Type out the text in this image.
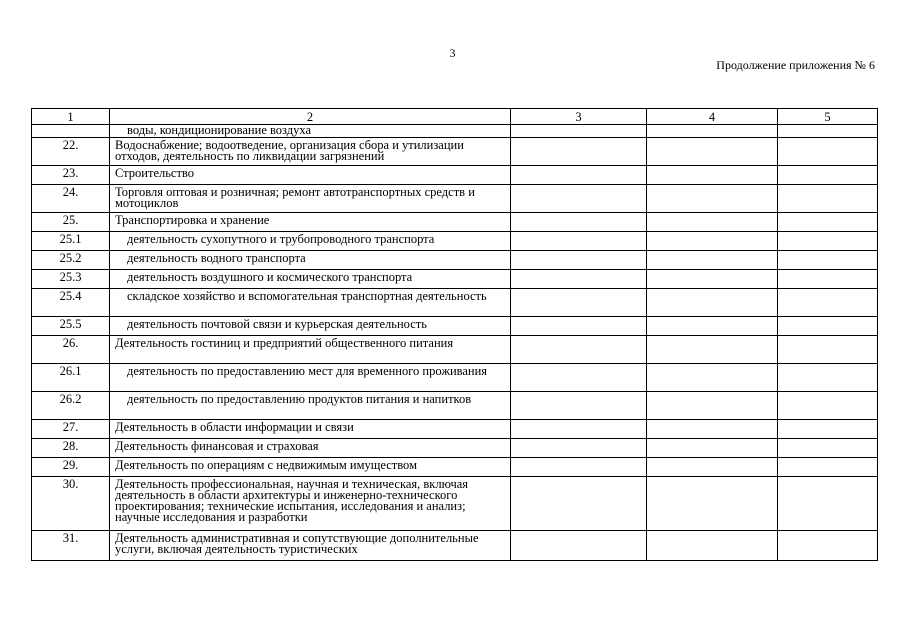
3
Продолжение приложения № 6
1	2	3	4	5
	воды, кондиционирование воздуха			
22.	Водоснабжение; водоотведение, организация сбора и утилизации отходов, деятельность по ликвидации загрязнений			
23.	Строительство			
24.	Торговля оптовая и розничная; ремонт автотранспортных средств и мотоциклов			
25.	Транспортировка и хранение			
25.1	деятельность сухопутного и трубопроводного транспорта			
25.2	деятельность водного транспорта			
25.3	деятельность воздушного и космического транспорта			
25.4	складское хозяйство и вспомогательная транспортная деятельность			
25.5	деятельность почтовой связи и курьерская деятельность			
26.	Деятельность гостиниц и предприятий общественного питания			
26.1	деятельность по предоставлению мест для временного проживания			
26.2	деятельность по предоставлению продуктов питания и напитков			
27.	Деятельность в области информации и связи			
28.	Деятельность финансовая и страховая			
29.	Деятельность по операциям с недвижимым имуществом			
30.	Деятельность профессиональная, научная и техническая, включая деятельность в области архитектуры и инженерно-технического проектирования; технические испытания, исследования и анализ; научные исследования и разработки			
31.	Деятельность административная и сопутствующие дополнительные услуги, включая деятельность туристических			
